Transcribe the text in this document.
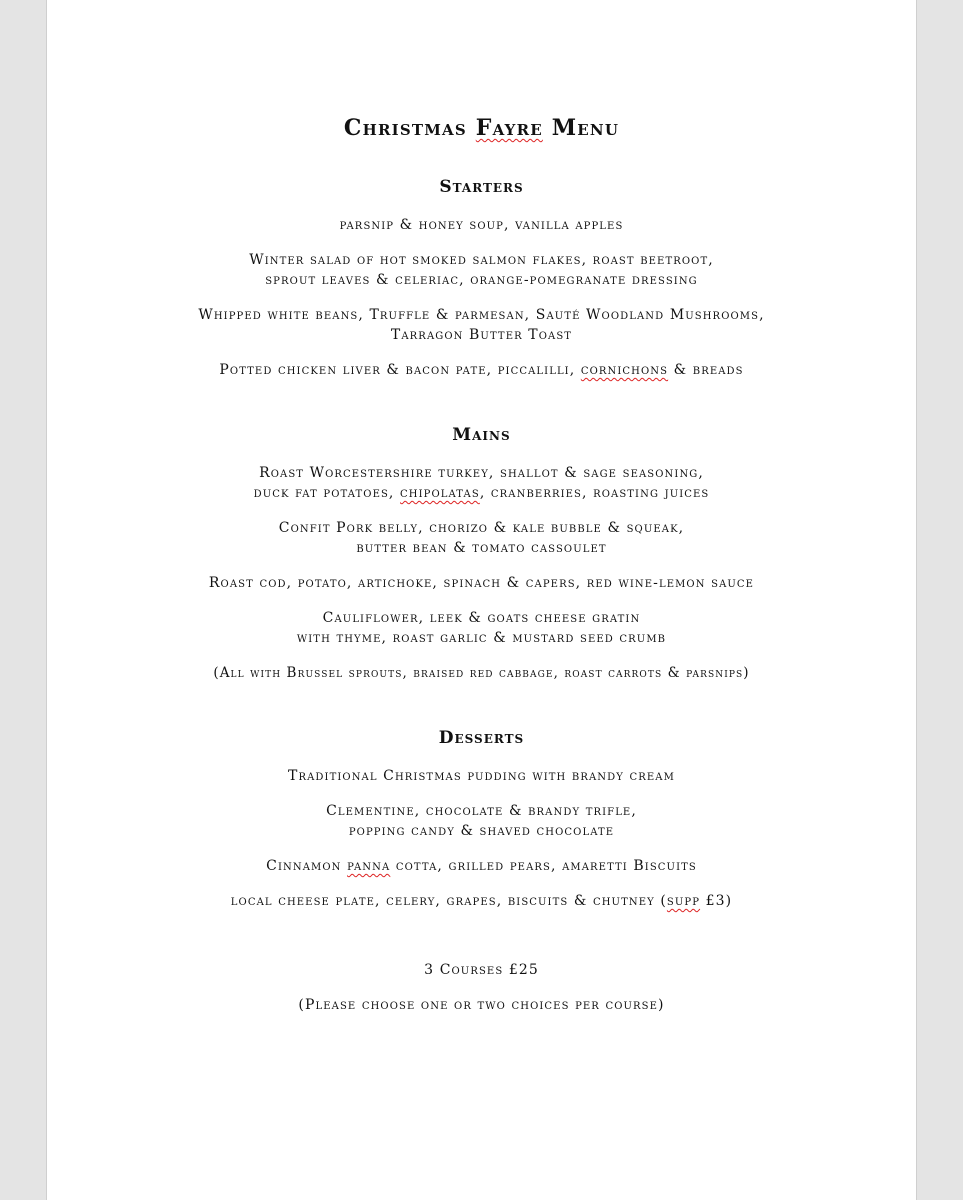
Christmas Fayre Menu
Starters
parsnip & honey soup, vanilla apples
Winter salad of hot smoked salmon flakes, roast beetroot,
sprout leaves & celeriac, orange-pomegranate dressing
Whipped white beans, Truffle & parmesan, Sauté Woodland Mushrooms,
Tarragon Butter Toast
Potted chicken liver & bacon pate, piccalilli, cornichons & breads
Mains
Roast Worcestershire turkey, shallot & sage seasoning,
duck fat potatoes, chipolatas, cranberries, roasting juices
Confit Pork belly, chorizo & kale bubble & squeak,
butter bean & tomato cassoulet
Roast cod, potato, artichoke, spinach & capers, red wine-lemon sauce
Cauliflower, leek & goats cheese gratin
with thyme, roast garlic & mustard seed crumb
(All with Brussel sprouts, braised red cabbage, roast carrots & parsnips)
Desserts
Traditional Christmas pudding with brandy cream
Clementine, chocolate & brandy trifle,
popping candy & shaved chocolate
Cinnamon panna cotta, grilled pears, amaretti Biscuits
local cheese plate, celery, grapes, biscuits & chutney (supp £3)
3 Courses £25
(Please choose one or two choices per course)
